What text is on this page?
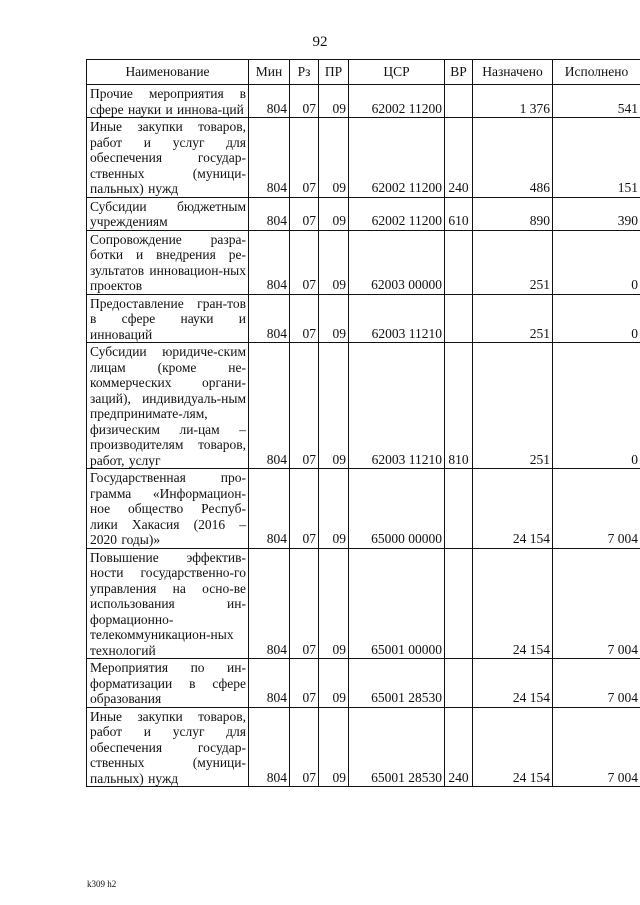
92
Наименование	Мин	Рз	ПР	ЦСР	ВР	Назначено	Исполнено
Прочие мероприятия в сфере науки и иннова-ций	804	07	09	62002 11200		1 376	541
Иные закупки товаров, работ и услуг для обеспечения государ-ственных (муници-пальных) нужд	804	07	09	62002 11200	240	486	151
Субсидии бюджетным учреждениям	804	07	09	62002 11200	610	890	390
Сопровождение разра-ботки и внедрения ре-зультатов инновацион-ных проектов	804	07	09	62003 00000		251	0
Предоставление гран-тов в сфере науки и инноваций	804	07	09	62003 11210		251	0
Субсидии юридиче-ским лицам (кроме не-коммерческих органи-заций), индивидуаль-ным предпринимате-лям, физическим ли-цам – производителям товаров, работ, услуг	804	07	09	62003 11210	810	251	0
Государственная про-грамма «Информацион-ное общество Респуб-лики Хакасия (2016 – 2020 годы)»	804	07	09	65000 00000		24 154	7 004
Повышение эффектив-ности государственно-го управления на осно-ве использования ин-формационно-телекоммуникацион-ных технологий	804	07	09	65001 00000		24 154	7 004
Мероприятия по ин-форматизации в сфере образования	804	07	09	65001 28530		24 154	7 004
Иные закупки товаров, работ и услуг для обеспечения государ-ственных (муници-пальных) нужд	804	07	09	65001 28530	240	24 154	7 004
k309 h2
